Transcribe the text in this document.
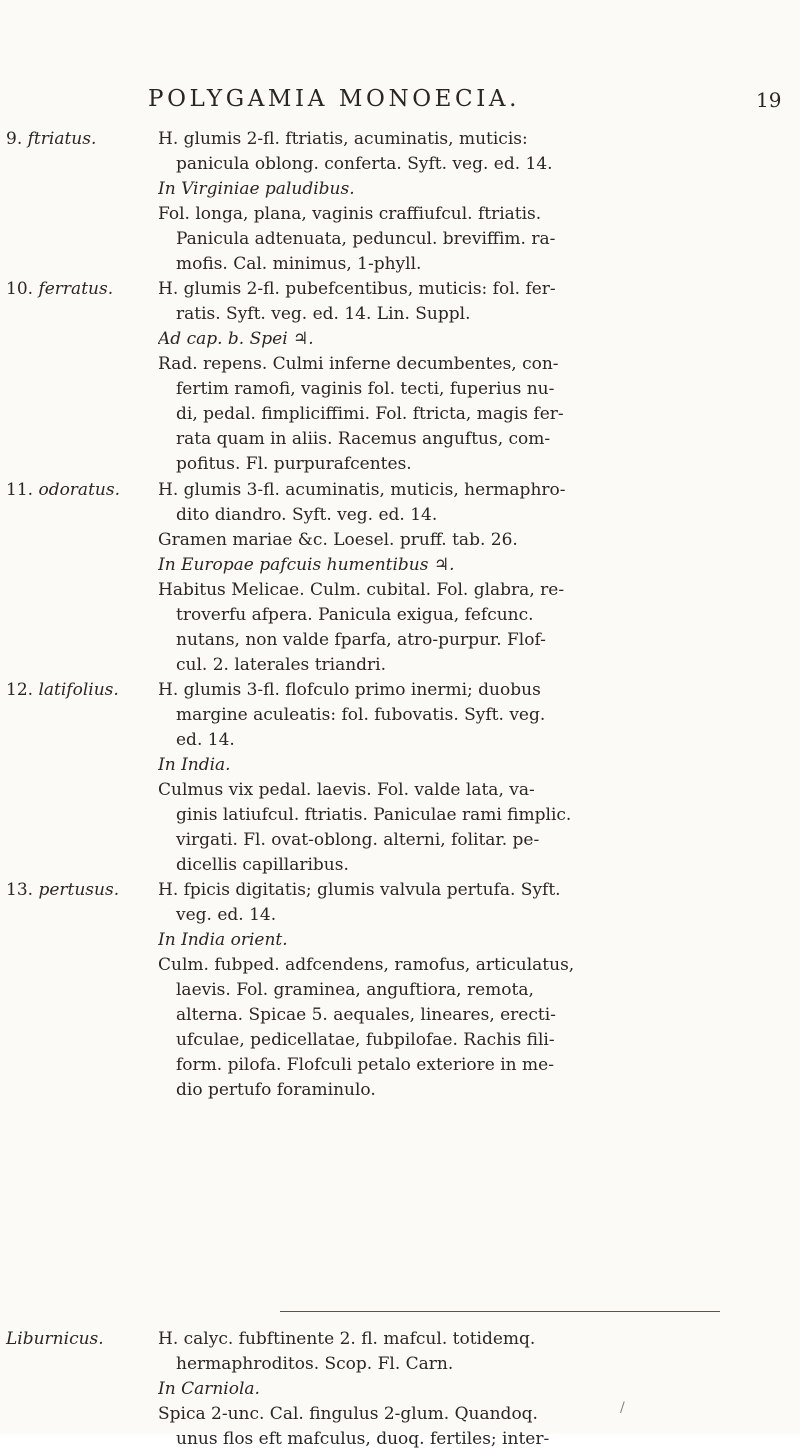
POLYGAMIA MONOECIA.	19
9. ftriatus.	H. glumis 2-fl. ftriatis, acuminatis, muticis:
panicula oblong. conferta. Syft. veg. ed. 14.
In Virginiae paludibus.
Fol. longa, plana, vaginis craffiufcul. ftriatis.
Panicula adtenuata, peduncul. breviffim. ra-
mofis. Cal. minimus, 1-phyll.
10. ferratus.	H. glumis 2-fl. pubefcentibus, muticis: fol. fer-
ratis. Syft. veg. ed. 14. Lin. Suppl.
Ad cap. b. Spei ♃.
Rad. repens. Culmi inferne decumbentes, con-
fertim ramofi, vaginis fol. tecti, fuperius nu-
di, pedal. fimpliciffimi. Fol. ftricta, magis fer-
rata quam in aliis. Racemus anguftus, com-
pofitus. Fl. purpurafcentes.
11. odoratus.	H. glumis 3-fl. acuminatis, muticis, hermaphro-
dito diandro. Syft. veg. ed. 14.
Gramen mariae &c. Loesel. pruff. tab. 26.
In Europae pafcuis humentibus ♃.
Habitus Melicae. Culm. cubital. Fol. glabra, re-
troverfu afpera. Panicula exigua, fefcunc.
nutans, non valde fparfa, atro-purpur. Flof-
cul. 2. laterales triandri.
12. latifolius.	H. glumis 3-fl. flofculo primo inermi; duobus
margine aculeatis: fol. fubovatis. Syft. veg.
ed. 14.
In India.
Culmus vix pedal. laevis. Fol. valde lata, va-
ginis latiufcul. ftriatis. Paniculae rami fimplic.
virgati. Fl. ovat-oblong. alterni, folitar. pe-
dicellis capillaribus.
13. pertusus.	H. fpicis digitatis; glumis valvula pertufa. Syft.
veg. ed. 14.
In India orient.
Culm. fubped. adfcendens, ramofus, articulatus,
laevis. Fol. graminea, anguftiora, remota,
alterna. Spicae 5. aequales, lineares, erecti-
ufculae, pedicellatae, fubpilofae. Rachis fili-
form. pilofa. Flofculi petalo exteriore in me-
dio pertufo foraminulo.
Liburnicus.	H. calyc. fubftinente 2. fl. mafcul. totidemq.
hermaphroditos. Scop. Fl. Carn.
In Carniola.
Spica 2-unc. Cal. fingulus 2-glum. Quandoq.
unus flos eft mafculus, duoq. fertiles; inter-
/
